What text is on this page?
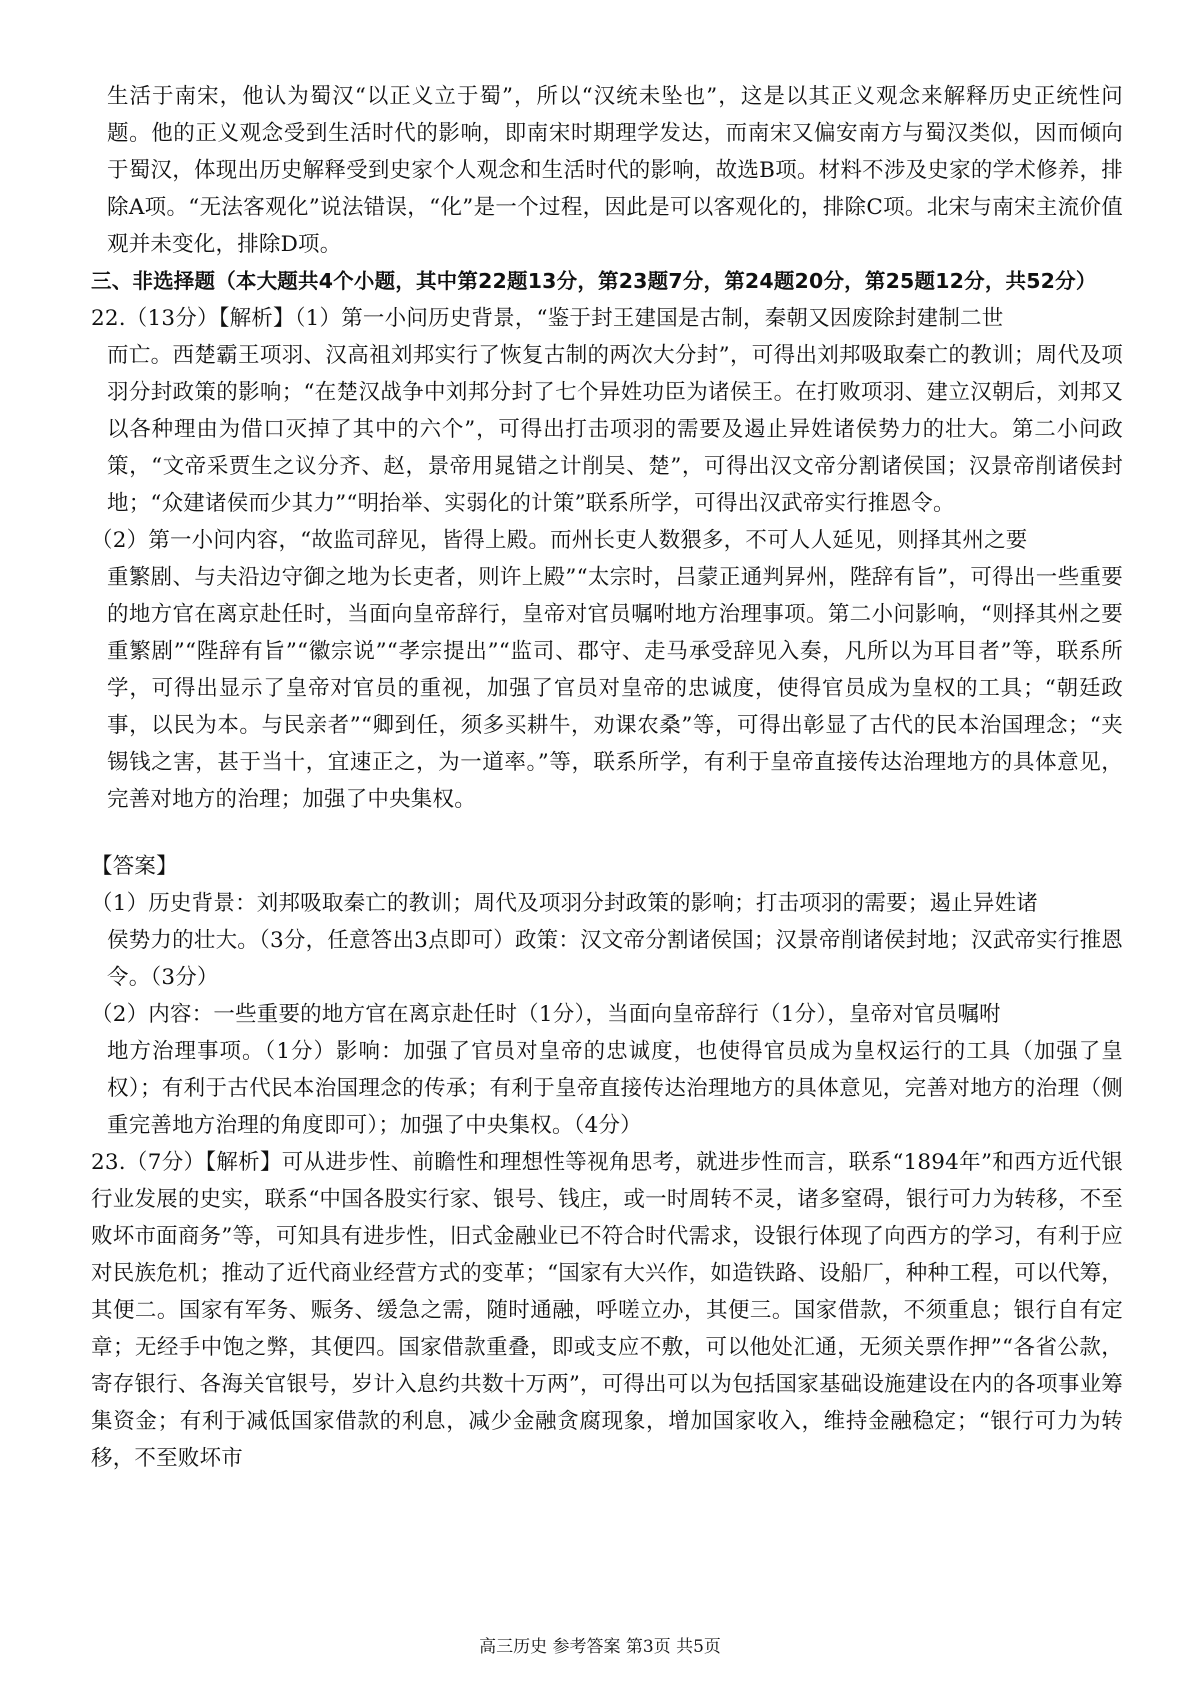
生活于南宋，他认为蜀汉“以正义立于蜀”，所以“汉统未坠也”，这是以其正义观念来解释历史正统性问题。他的正义观念受到生活时代的影响，即南宋时期理学发达，而南宋又偏安南方与蜀汉类似，因而倾向于蜀汉，体现出历史解释受到史家个人观念和生活时代的影响，故选B项。材料不涉及史家的学术修养，排除A项。“无法客观化”说法错误，“化”是一个过程，因此是可以客观化的，排除C项。北宋与南宋主流价值观并未变化，排除D项。

三、非选择题（本大题共4个小题，其中第22题13分，第23题7分，第24题20分，第25题12分，共52分）

22.（13分）【解析】（1）第一小问历史背景，“鉴于封王建国是古制，秦朝又因废除封建制二世

而亡。西楚霸王项羽、汉高祖刘邦实行了恢复古制的两次大分封”，可得出刘邦吸取秦亡的教训；周代及项羽分封政策的影响；“在楚汉战争中刘邦分封了七个异姓功臣为诸侯王。在打败项羽、建立汉朝后，刘邦又以各种理由为借口灭掉了其中的六个”，可得出打击项羽的需要及遏止异姓诸侯势力的壮大。第二小问政策，“文帝采贾生之议分齐、赵，景帝用晁错之计削吴、楚”，可得出汉文帝分割诸侯国；汉景帝削诸侯封地；“众建诸侯而少其力”“明抬举、实弱化的计策”联系所学，可得出汉武帝实行推恩令。

（2）第一小问内容，“故监司辞见，皆得上殿。而州长吏人数猥多，不可人人延见，则择其州之要

重繁剧、与夫沿边守御之地为长吏者，则许上殿”“太宗时，吕蒙正通判昇州，陛辞有旨”，可得出一些重要的地方官在离京赴任时，当面向皇帝辞行，皇帝对官员嘱咐地方治理事项。第二小问影响，“则择其州之要重繁剧”“陛辞有旨”“徽宗说”“孝宗提出”“监司、郡守、走马承受辞见入奏，凡所以为耳目者”等，联系所学，可得出显示了皇帝对官员的重视，加强了官员对皇帝的忠诚度，使得官员成为皇权的工具；“朝廷政事，以民为本。与民亲者”“卿到任，须多买耕牛，劝课农桑”等，可得出彰显了古代的民本治国理念；“夹锡钱之害，甚于当十，宜速正之，为一道率。”等，联系所学，有利于皇帝直接传达治理地方的具体意见，完善对地方的治理；加强了中央集权。

【答案】

（1）历史背景：刘邦吸取秦亡的教训；周代及项羽分封政策的影响；打击项羽的需要；遏止异姓诸

侯势力的壮大。（3分，任意答出3点即可）政策：汉文帝分割诸侯国；汉景帝削诸侯封地；汉武帝实行推恩令。（3分）

（2）内容：一些重要的地方官在离京赴任时（1分），当面向皇帝辞行（1分），皇帝对官员嘱咐

地方治理事项。（1分）影响：加强了官员对皇帝的忠诚度，也使得官员成为皇权运行的工具（加强了皇权）；有利于古代民本治国理念的传承；有利于皇帝直接传达治理地方的具体意见，完善对地方的治理（侧重完善地方治理的角度即可）；加强了中央集权。（4分）

23.（7分）【解析】可从进步性、前瞻性和理想性等视角思考，就进步性而言，联系“1894年”和西方近代银行业发展的史实，联系“中国各股实行家、银号、钱庄，或一时周转不灵，诸多窒碍，银行可力为转移，不至败坏市面商务”等，可知具有进步性，旧式金融业已不符合时代需求，设银行体现了向西方的学习，有利于应对民族危机；推动了近代商业经营方式的变革；“国家有大兴作，如造铁路、设船厂，种种工程，可以代筹，其便二。国家有军务、赈务、缓急之需，随时通融，呼嗟立办，其便三。国家借款，不须重息；银行自有定章；无经手中饱之弊，其便四。国家借款重叠，即或支应不敷，可以他处汇通，无须关票作押”“各省公款，寄存银行、各海关官银号，岁计入息约共数十万两”，可得出可以为包括国家基础设施建设在内的各项事业筹集资金；有利于减低国家借款的利息，减少金融贪腐现象，增加国家收入，维持金融稳定；“银行可力为转移，不至败坏市

高三历史 参考答案 第3页 共5页
